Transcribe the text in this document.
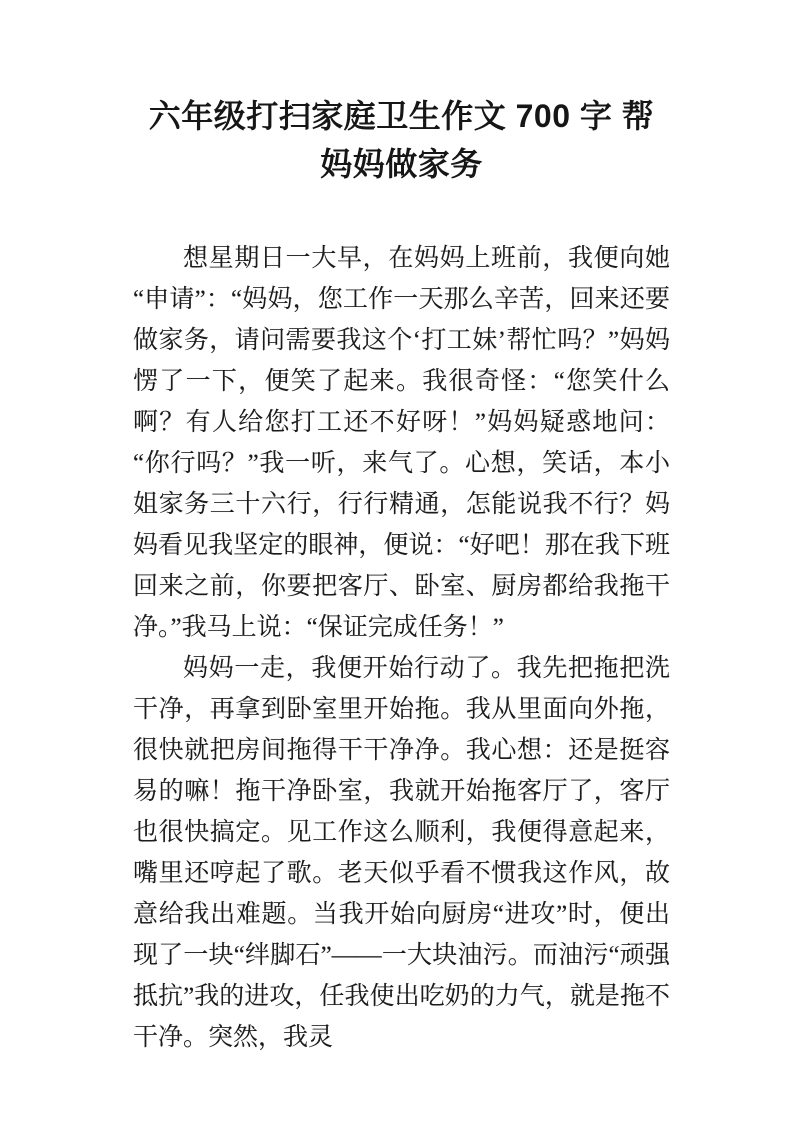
六年级打扫家庭卫生作文 700 字 帮妈妈做家务

想星期日一大早，在妈妈上班前，我便向她“申请”：“妈妈，您工作一天那么辛苦，回来还要做家务，请问需要我这个‘打工妹’帮忙吗？”妈妈愣了一下，便笑了起来。我很奇怪：“您笑什么啊？有人给您打工还不好呀！”妈妈疑惑地问：“你行吗？”我一听，来气了。心想，笑话，本小姐家务三十六行，行行精通，怎能说我不行？妈妈看见我坚定的眼神，便说：“好吧！那在我下班回来之前，你要把客厅、卧室、厨房都给我拖干净。”我马上说：“保证完成任务！”

妈妈一走，我便开始行动了。我先把拖把洗干净，再拿到卧室里开始拖。我从里面向外拖，很快就把房间拖得干干净净。我心想：还是挺容易的嘛！拖干净卧室，我就开始拖客厅了，客厅也很快搞定。见工作这么顺利，我便得意起来，嘴里还哼起了歌。老天似乎看不惯我这作风，故意给我出难题。当我开始向厨房“进攻”时，便出现了一块“绊脚石”——一大块油污。而油污“顽强抵抗”我的进攻，任我使出吃奶的力气，就是拖不干净。突然，我灵
